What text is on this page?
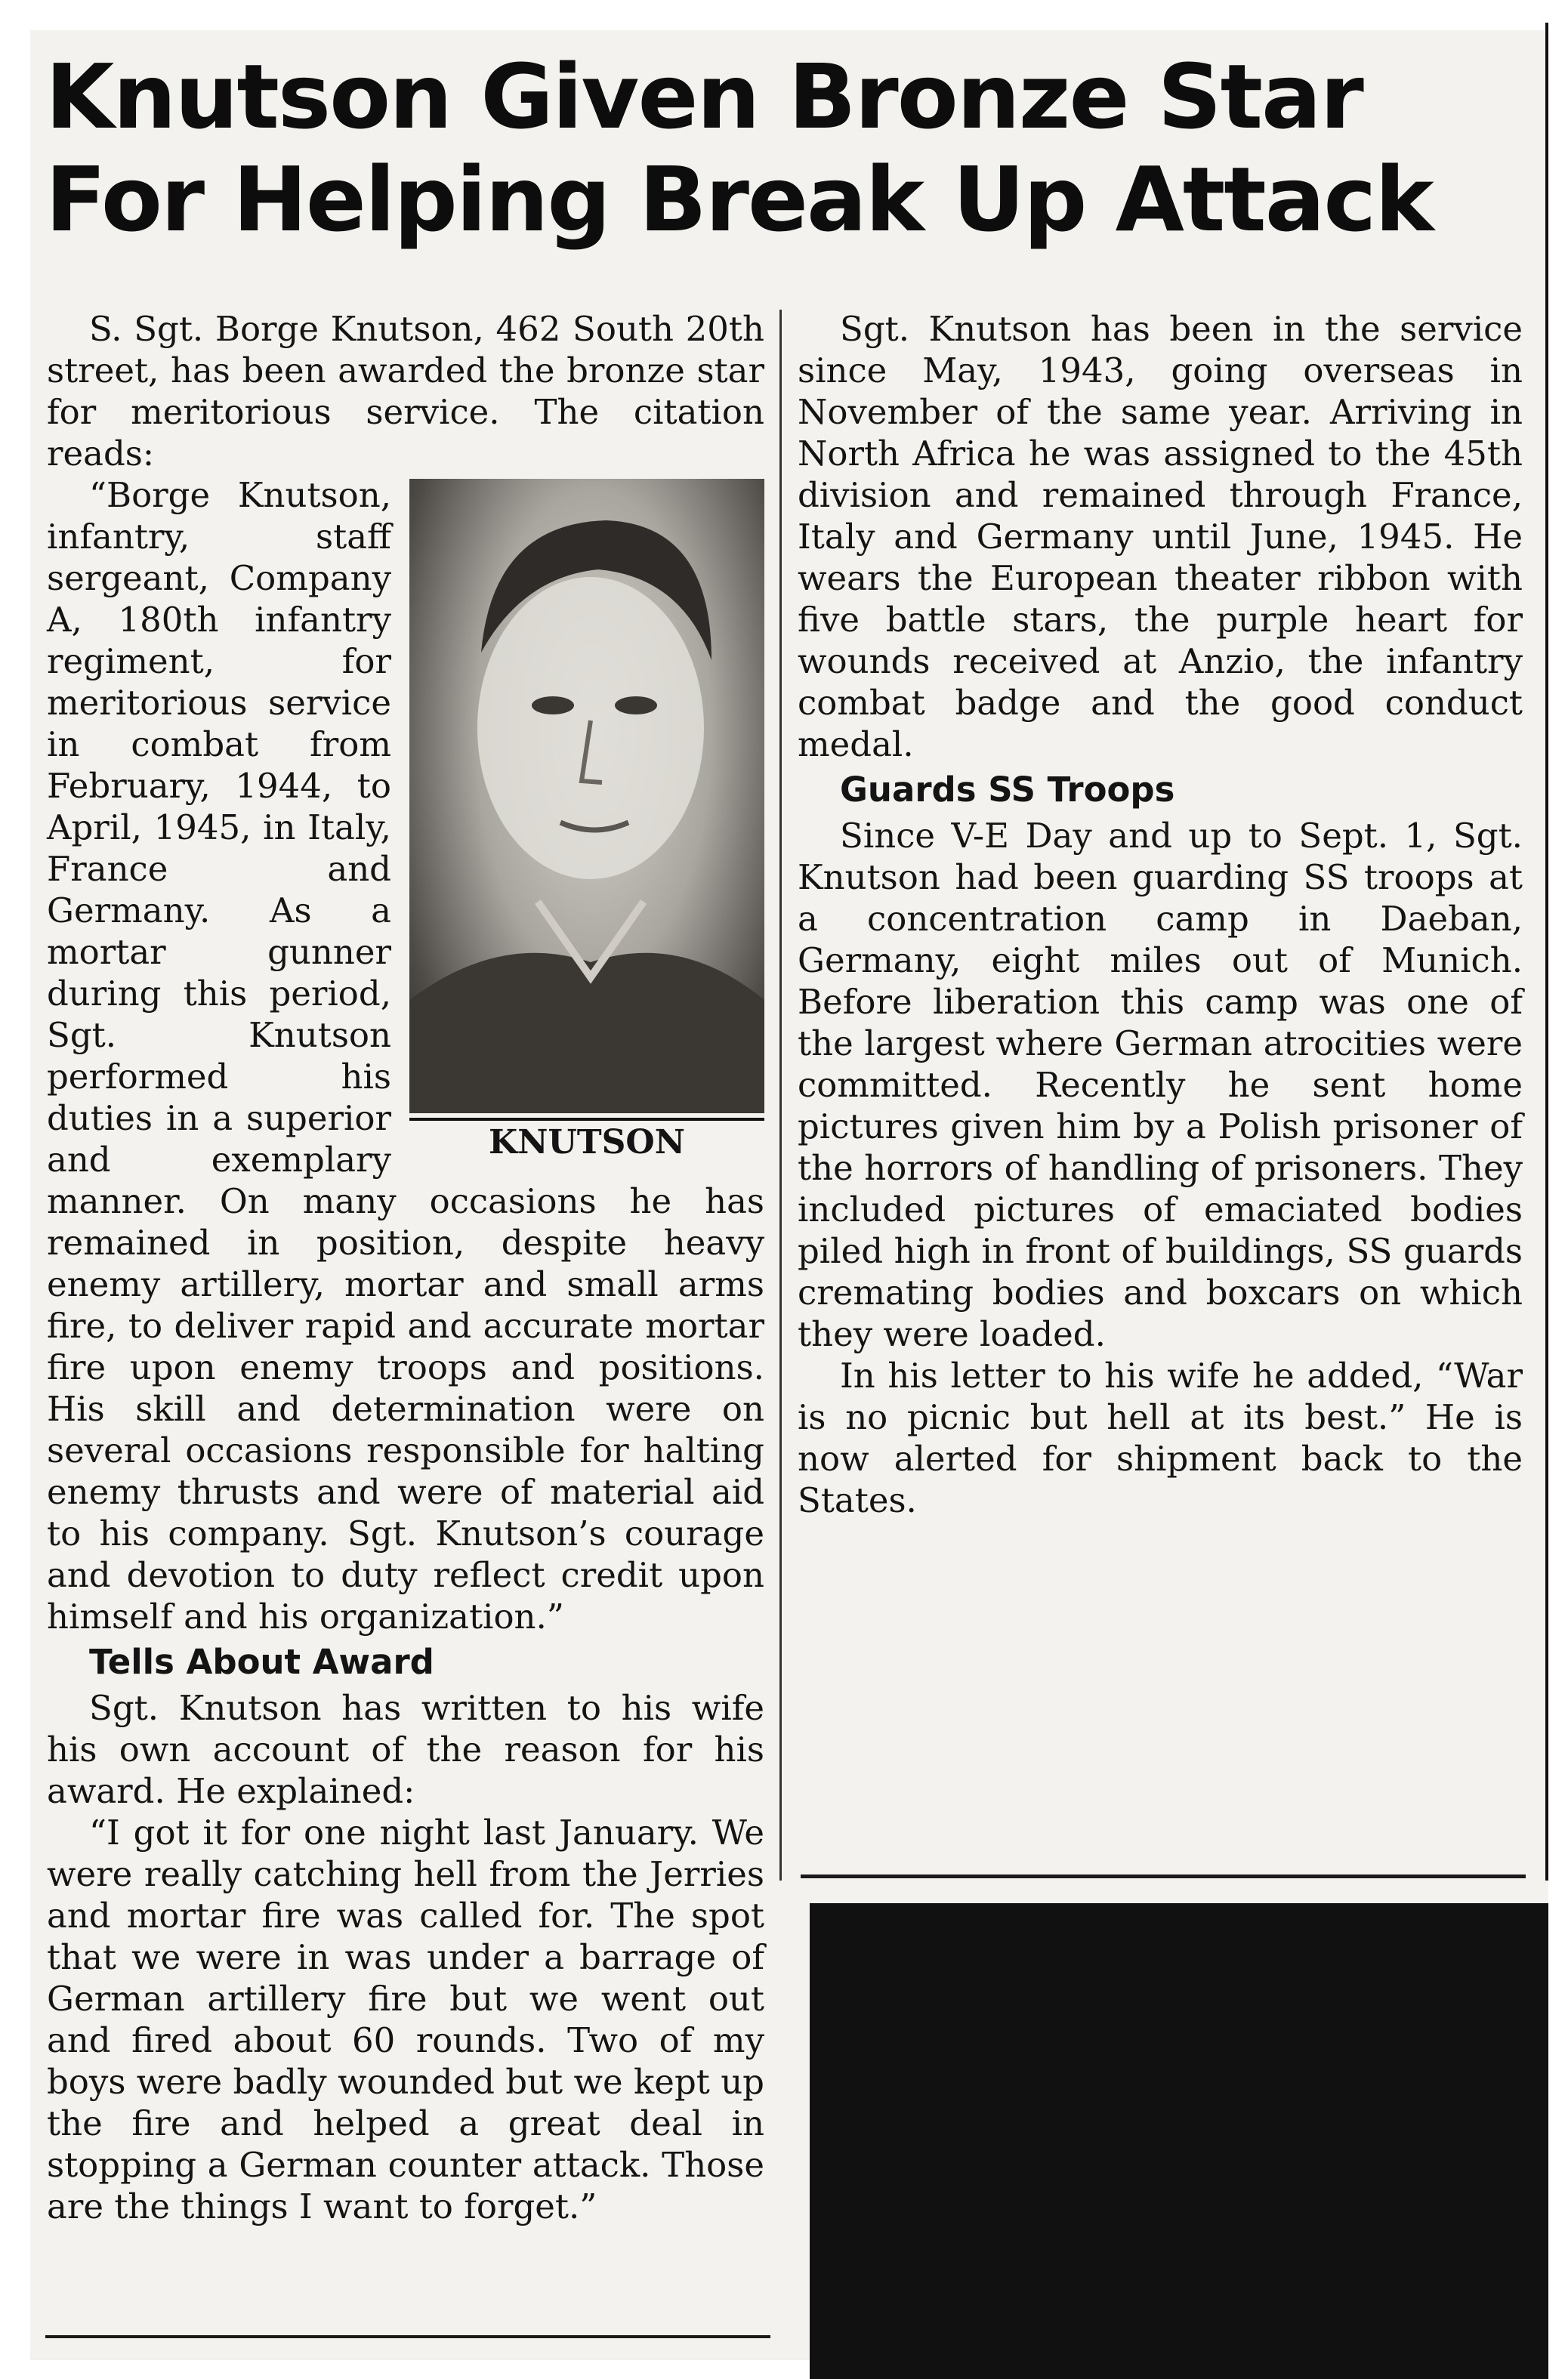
Knutson Given Bronze Star
For Helping Break Up Attack

S. Sgt. Borge Knutson, 462 South 20th street, has been awarded the bronze star for meritorious service. The citation reads:

KNUTSON

“Borge Knutson, infantry, staff sergeant, Company A, 180th infantry regiment, for meritorious service in combat from February, 1944, to April, 1945, in Italy, France and Germany. As a mortar gunner during this period, Sgt. Knutson performed his duties in a superior and exemplary manner. On many occasions he has remained in position, despite heavy enemy artillery, mortar and small arms fire, to deliver rapid and accurate mortar fire upon enemy troops and positions. His skill and determination were on several occasions responsible for halting enemy thrusts and were of material aid to his company. Sgt. Knutson’s courage and devotion to duty reflect credit upon himself and his organization.”

Tells About Award

Sgt. Knutson has written to his wife his own account of the reason for his award. He explained:

“I got it for one night last January. We were really catching hell from the Jerries and mortar fire was called for. The spot that we were in was under a barrage of German artillery fire but we went out and fired about 60 rounds. Two of my boys were badly wounded but we kept up the fire and helped a great deal in stopping a German counter attack. Those are the things I want to forget.”

Sgt. Knutson has been in the service since May, 1943, going overseas in November of the same year. Arriving in North Africa he was assigned to the 45th division and remained through France, Italy and Germany until June, 1945. He wears the European theater ribbon with five battle stars, the purple heart for wounds received at Anzio, the infantry combat badge and the good conduct medal.

Guards SS Troops

Since V-E Day and up to Sept. 1, Sgt. Knutson had been guarding SS troops at a concentration camp in Daeban, Germany, eight miles out of Munich. Before liberation this camp was one of the largest where German atrocities were committed. Recently he sent home pictures given him by a Polish prisoner of the horrors of handling of prisoners. They included pictures of emaciated bodies piled high in front of buildings, SS guards cremating bodies and boxcars on which they were loaded.

In his letter to his wife he added, “War is no picnic but hell at its best.” He is now alerted for shipment back to the States.
